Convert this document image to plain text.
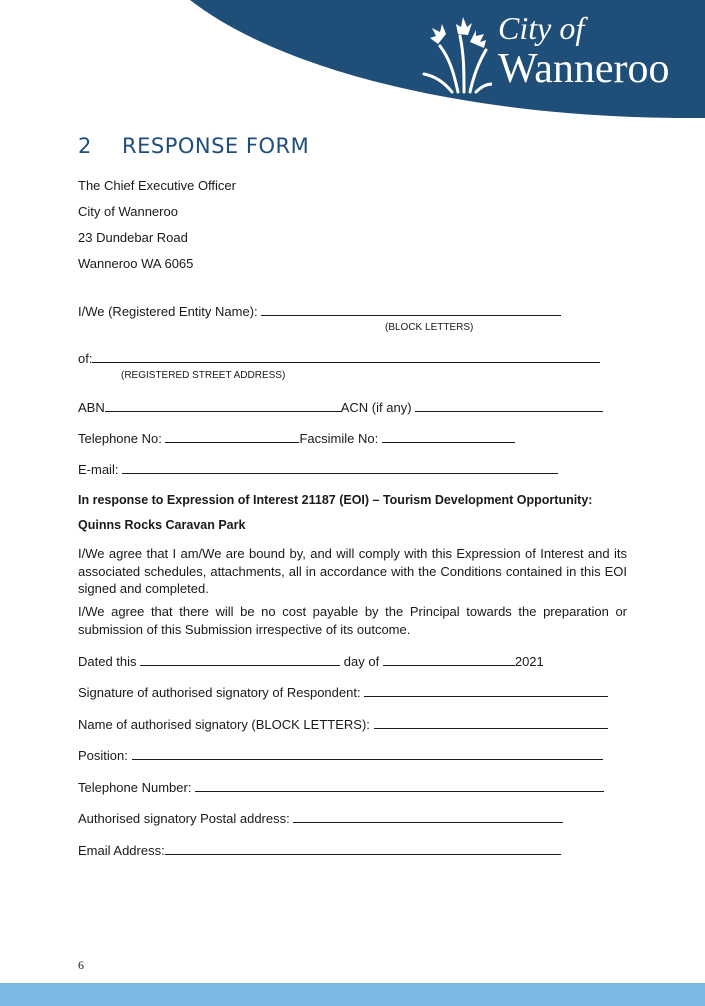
City of
Wanneroo
2 RESPONSE FORM
The Chief Executive Officer
City of Wanneroo
23 Dundebar Road
Wanneroo WA 6065
I/We (Registered Entity Name):
(BLOCK LETTERS)
of:
(REGISTERED STREET ADDRESS)
ABN	ACN (if any)
Telephone No:	Facsimile No:
E-mail:
In response to Expression of Interest 21187 (EOI) – Tourism Development Opportunity:
Quinns Rocks Caravan Park
I/We agree that I am/We are bound by, and will comply with this Expression of Interest and its associated schedules, attachments, all in accordance with the Conditions contained in this EOI signed and completed.
I/We agree that there will be no cost payable by the Principal towards the preparation or submission of this Submission irrespective of its outcome.
Dated this	day of	2021
Signature of authorised signatory of Respondent:
Name of authorised signatory (BLOCK LETTERS):
Position:
Telephone Number:
Authorised signatory Postal address:
Email Address:
6
